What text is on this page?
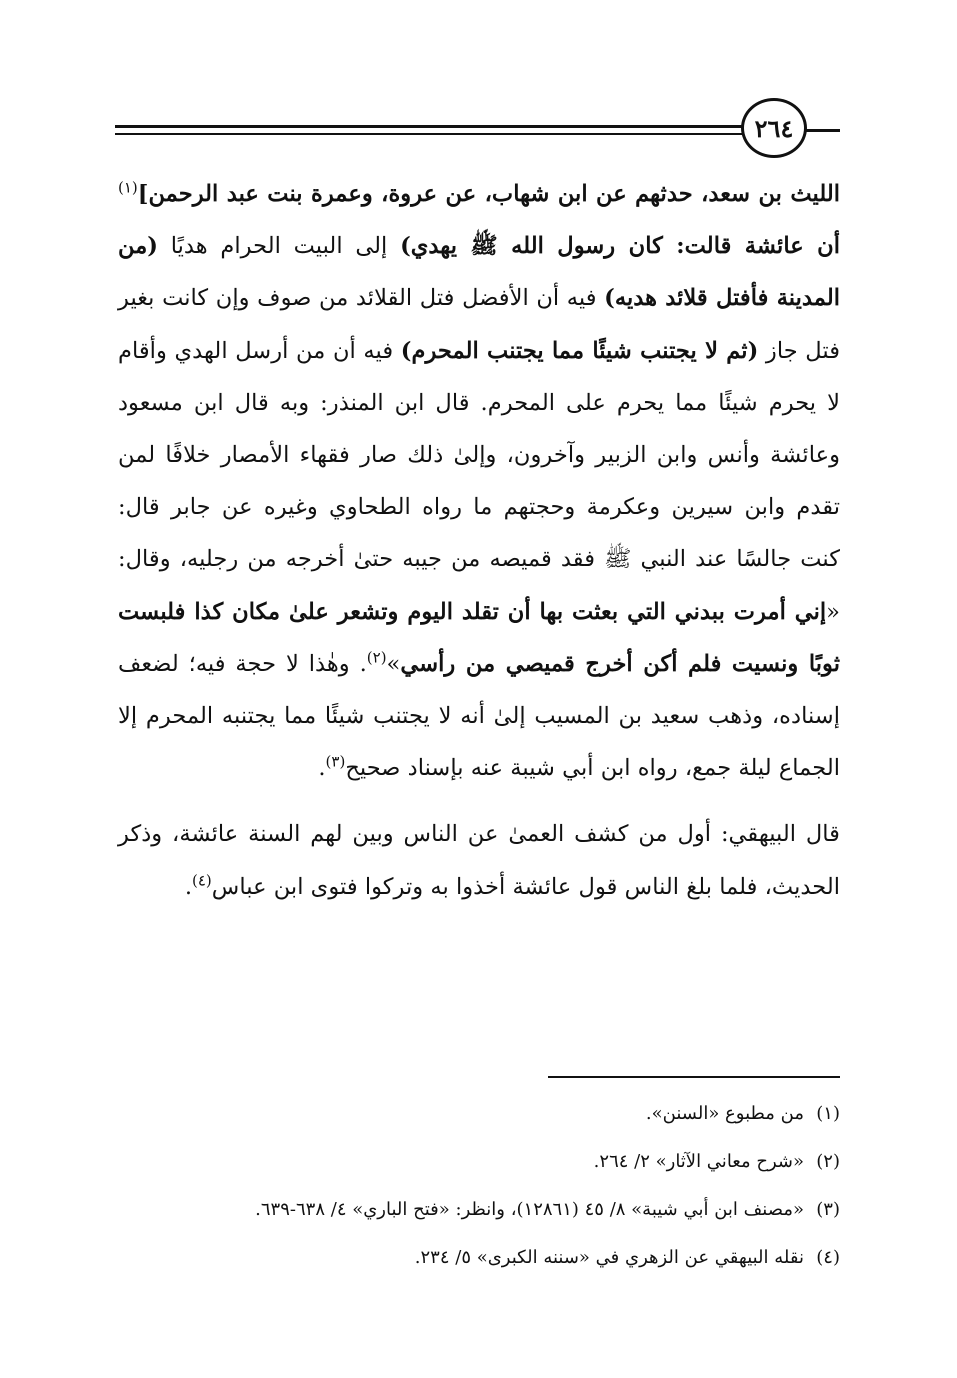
٢٦٤

الليث بن سعد، حدثهم عن ابن شهاب، عن عروة، وعمرة بنت عبد الرحمن]$^{(١)}$ أن عائشة قالت: كان رسول الله ﷺ يهدي) إلى البيت الحرام هديًا (من المدينة فأفتل قلائد هديه) فيه أن الأفضل فتل القلائد من صوف وإن كانت بغير فتل جاز (ثم لا يجتنب شيئًا مما يجتنب المحرم) فيه أن من أرسل الهدي وأقام لا يحرم شيئًا مما يحرم على المحرم. قال ابن المنذر: وبه قال ابن مسعود وعائشة وأنس وابن الزبير وآخرون، وإلىٰ ذلك صار فقهاء الأمصار خلافًا لمن تقدم وابن سيرين وعكرمة وحجتهم ما رواه الطحاوي وغيره عن جابر قال: كنت جالسًا عند النبي ﷺ فقد قميصه من جيبه حتىٰ أخرجه من رجليه، وقال: «إني أمرت ببدني التي بعثت بها أن تقلد اليوم وتشعر علىٰ مكان كذا فلبست ثوبًا ونسيت فلم أكن أخرج قميصي من رأسي»$^{(٢)}$. وهٰذا لا حجة فيه؛ لضعف إسناده، وذهب سعيد بن المسيب إلىٰ أنه لا يجتنب شيئًا مما يجتنبه المحرم إلا الجماع ليلة جمع، رواه ابن أبي شيبة عنه بإسناد صحيح$^{(٣)}$.

قال البيهقي: أول من كشف العمىٰ عن الناس وبين لهم السنة عائشة، وذكر الحديث، فلما بلغ الناس قول عائشة أخذوا به وتركوا فتوى ابن عباس$^{(٤)}$.

(١)من مطبوع «السنن».
(٢)«شرح معاني الآثار» ٢/ ٢٦٤.
(٣)«مصنف ابن أبي شيبة» ٨/ ٤٥ (١٢٨٦١)، وانظر: «فتح الباري» ٤/ ٦٣٨-٦٣٩.
(٤)نقله البيهقي عن الزهري في «سننه الكبرى» ٥/ ٢٣٤.
